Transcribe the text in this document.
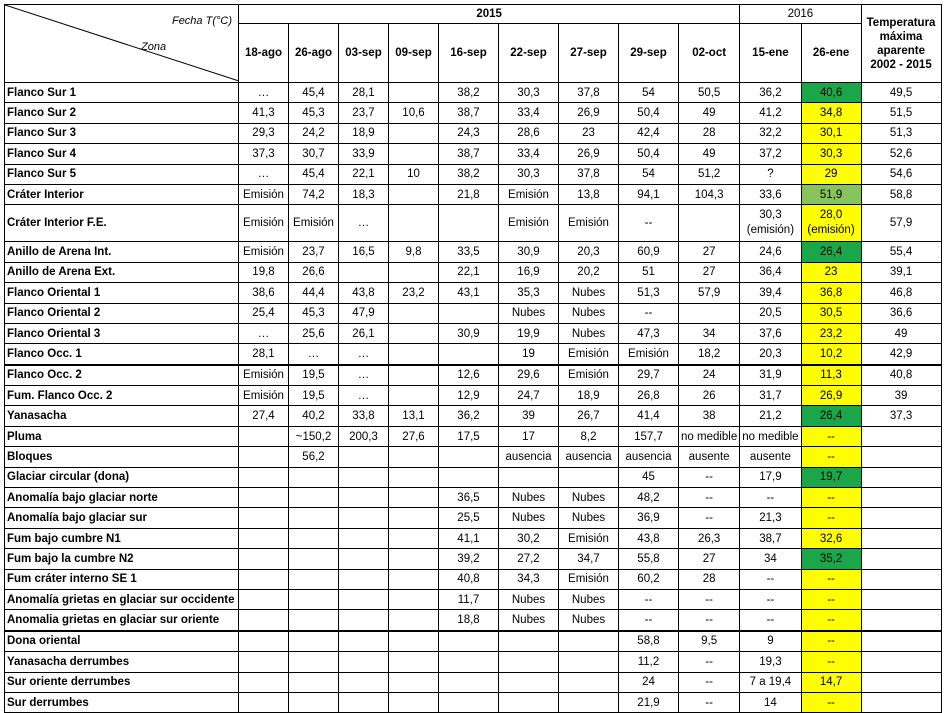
Fecha T(°C)
Zona	2015									2016		Temperatura máxima aparente 2002 - 2015
	18-ago	26-ago	03-sep	09-sep	16-sep	22-sep	27-sep	29-sep	02-oct	15-ene	26-ene	
Flanco Sur 1	…	45,4	28,1		38,2	30,3	37,8	54	50,5	36,2	40,6	49,5
Flanco Sur 2	41,3	45,3	23,7	10,6	38,7	33,4	26,9	50,4	49	41,2	34,8	51,5
Flanco Sur 3	29,3	24,2	18,9		24,3	28,6	23	42,4	28	32,2	30,1	51,3
Flanco Sur 4	37,3	30,7	33,9		38,7	33,4	26,9	50,4	49	37,2	30,3	52,6
Flanco Sur 5	…	45,4	22,1	10	38,2	30,3	37,8	54	51,2	?	29	54,6
Cráter Interior	Emisión	74,2	18,3		21,8	Emisión	13,8	94,1	104,3	33,6	51,9	58,8
Cráter Interior F.E.	Emisión	Emisión	…			Emisión	Emisión	--		30,3 (emisión)	28,0 (emisión)	57,9
Anillo de Arena Int.	Emisión	23,7	16,5	9,8	33,5	30,9	20,3	60,9	27	24,6	26,4	55,4
Anillo de Arena Ext.	19,8	26,6			22,1	16,9	20,2	51	27	36,4	23	39,1
Flanco Oriental 1	38,6	44,4	43,8	23,2	43,1	35,3	Nubes	51,3	57,9	39,4	36,8	46,8
Flanco Oriental 2	25,4	45,3	47,9			Nubes	Nubes	--		20,5	30,5	36,6
Flanco Oriental 3	…	25,6	26,1		30,9	19,9	Nubes	47,3	34	37,6	23,2	49
Flanco Occ. 1	28,1	…	…			19	Emisión	Emisión	18,2	20,3	10,2	42,9
Flanco Occ. 2	Emisión	19,5	…		12,6	29,6	Emisión	29,7	24	31,9	11,3	40,8
Fum. Flanco Occ. 2	Emisión	19,5	…		12,9	24,7	18,9	26,8	26	31,7	26,9	39
Yanasacha	27,4	40,2	33,8	13,1	36,2	39	26,7	41,4	38	21,2	26,4	37,3
Pluma		~150,2	200,3	27,6	17,5	17	8,2	157,7	no medible	no medible	--	
Bloques		56,2				ausencia	ausencia	ausencia	ausente	ausente	--	
Glaciar circular (dona)								45	--	17,9	19,7	
Anomalía bajo glaciar norte					36,5	Nubes	Nubes	48,2	--	--	--	
Anomalía bajo glaciar sur					25,5	Nubes	Nubes	36,9	--	21,3	--	
Fum bajo cumbre N1					41,1	30,2	Emisión	43,8	26,3	38,7	32,6	
Fum bajo la cumbre N2					39,2	27,2	34,7	55,8	27	34	35,2	
Fum cráter interno SE 1					40,8	34,3	Emisión	60,2	28	--	--	
Anomalía grietas en glaciar sur occidente					11,7	Nubes	Nubes	--	--	--	--	
Anomalia grietas en glaciar sur oriente					18,8	Nubes	Nubes	--	--	--	--	
Dona oriental								58,8	9,5	9	--	
Yanasacha derrumbes								11,2	--	19,3	--	
Sur oriente derrumbes								24	--	7 a 19,4	14,7	
Sur derrumbes								21,9	--	14	--	
